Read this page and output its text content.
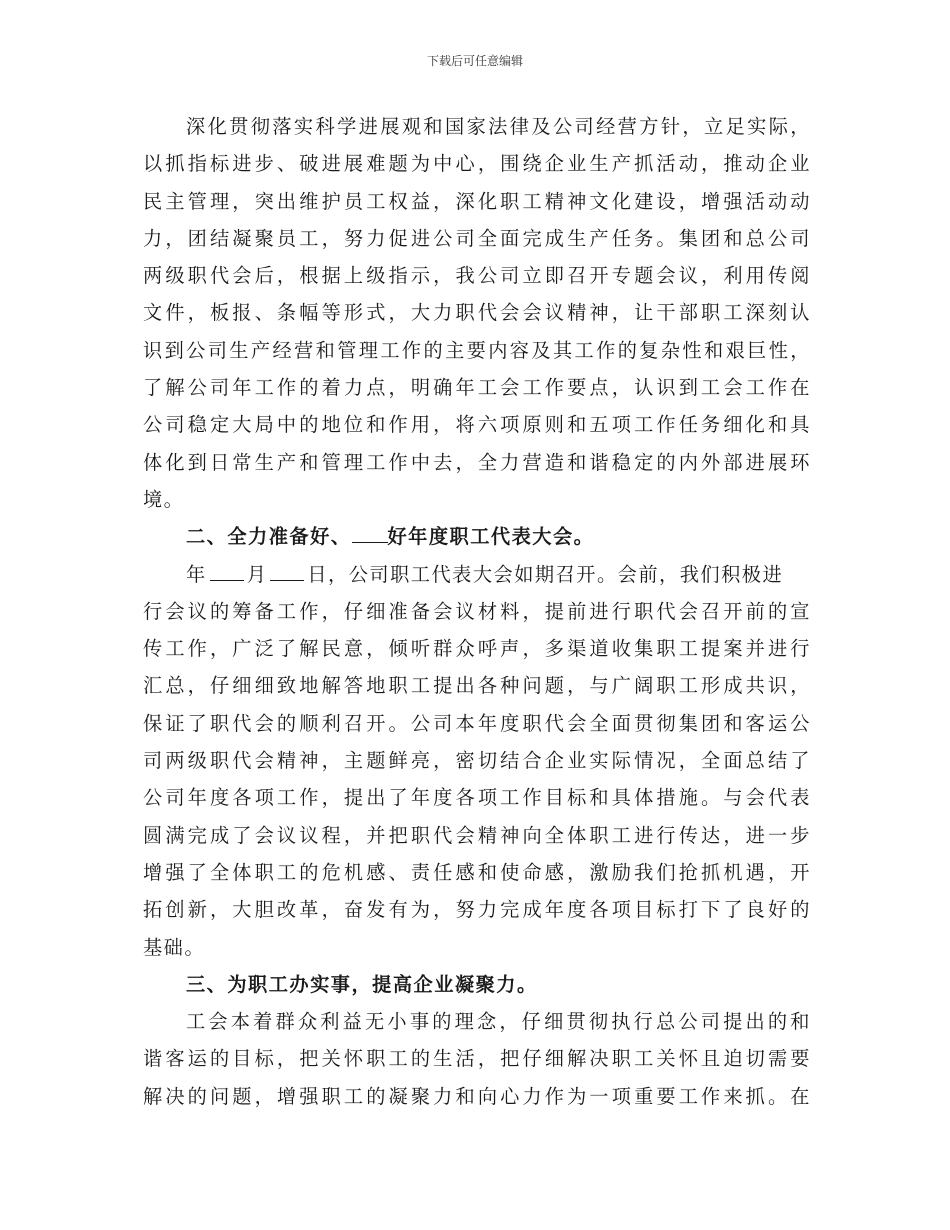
下载后可任意编辑
深化贯彻落实科学进展观和国家法律及公司经营方针，立足实际，
以抓指标进步、破进展难题为中心，围绕企业生产抓活动，推动企业
民主管理，突出维护员工权益，深化职工精神文化建设，增强活动动
力，团结凝聚员工，努力促进公司全面完成生产任务。集团和总公司
两级职代会后，根据上级指示，我公司立即召开专题会议，利用传阅
文件，板报、条幅等形式，大力职代会会议精神，让干部职工深刻认
识到公司生产经营和管理工作的主要内容及其工作的复杂性和艰巨性，
了解公司年工作的着力点，明确年工会工作要点，认识到工会工作在
公司稳定大局中的地位和作用，将六项原则和五项工作任务细化和具
体化到日常生产和管理工作中去，全力营造和谐稳定的内外部进展环
境。
二、全力准备好、 好年度职工代表大会。
年 月 日，公司职工代表大会如期召开。会前，我们积极进
行会议的筹备工作，仔细准备会议材料，提前进行职代会召开前的宣
传工作，广泛了解民意，倾听群众呼声，多渠道收集职工提案并进行
汇总，仔细细致地解答地职工提出各种问题，与广阔职工形成共识，
保证了职代会的顺利召开。公司本年度职代会全面贯彻集团和客运公
司两级职代会精神，主题鲜亮，密切结合企业实际情况，全面总结了
公司年度各项工作，提出了年度各项工作目标和具体措施。与会代表
圆满完成了会议议程，并把职代会精神向全体职工进行传达，进一步
增强了全体职工的危机感、责任感和使命感，激励我们抢抓机遇，开
拓创新，大胆改革，奋发有为，努力完成年度各项目标打下了良好的
基础。
三、为职工办实事，提高企业凝聚力。
工会本着群众利益无小事的理念，仔细贯彻执行总公司提出的和
谐客运的目标，把关怀职工的生活，把仔细解决职工关怀且迫切需要
解决的问题，增强职工的凝聚力和向心力作为一项重要工作来抓。在
